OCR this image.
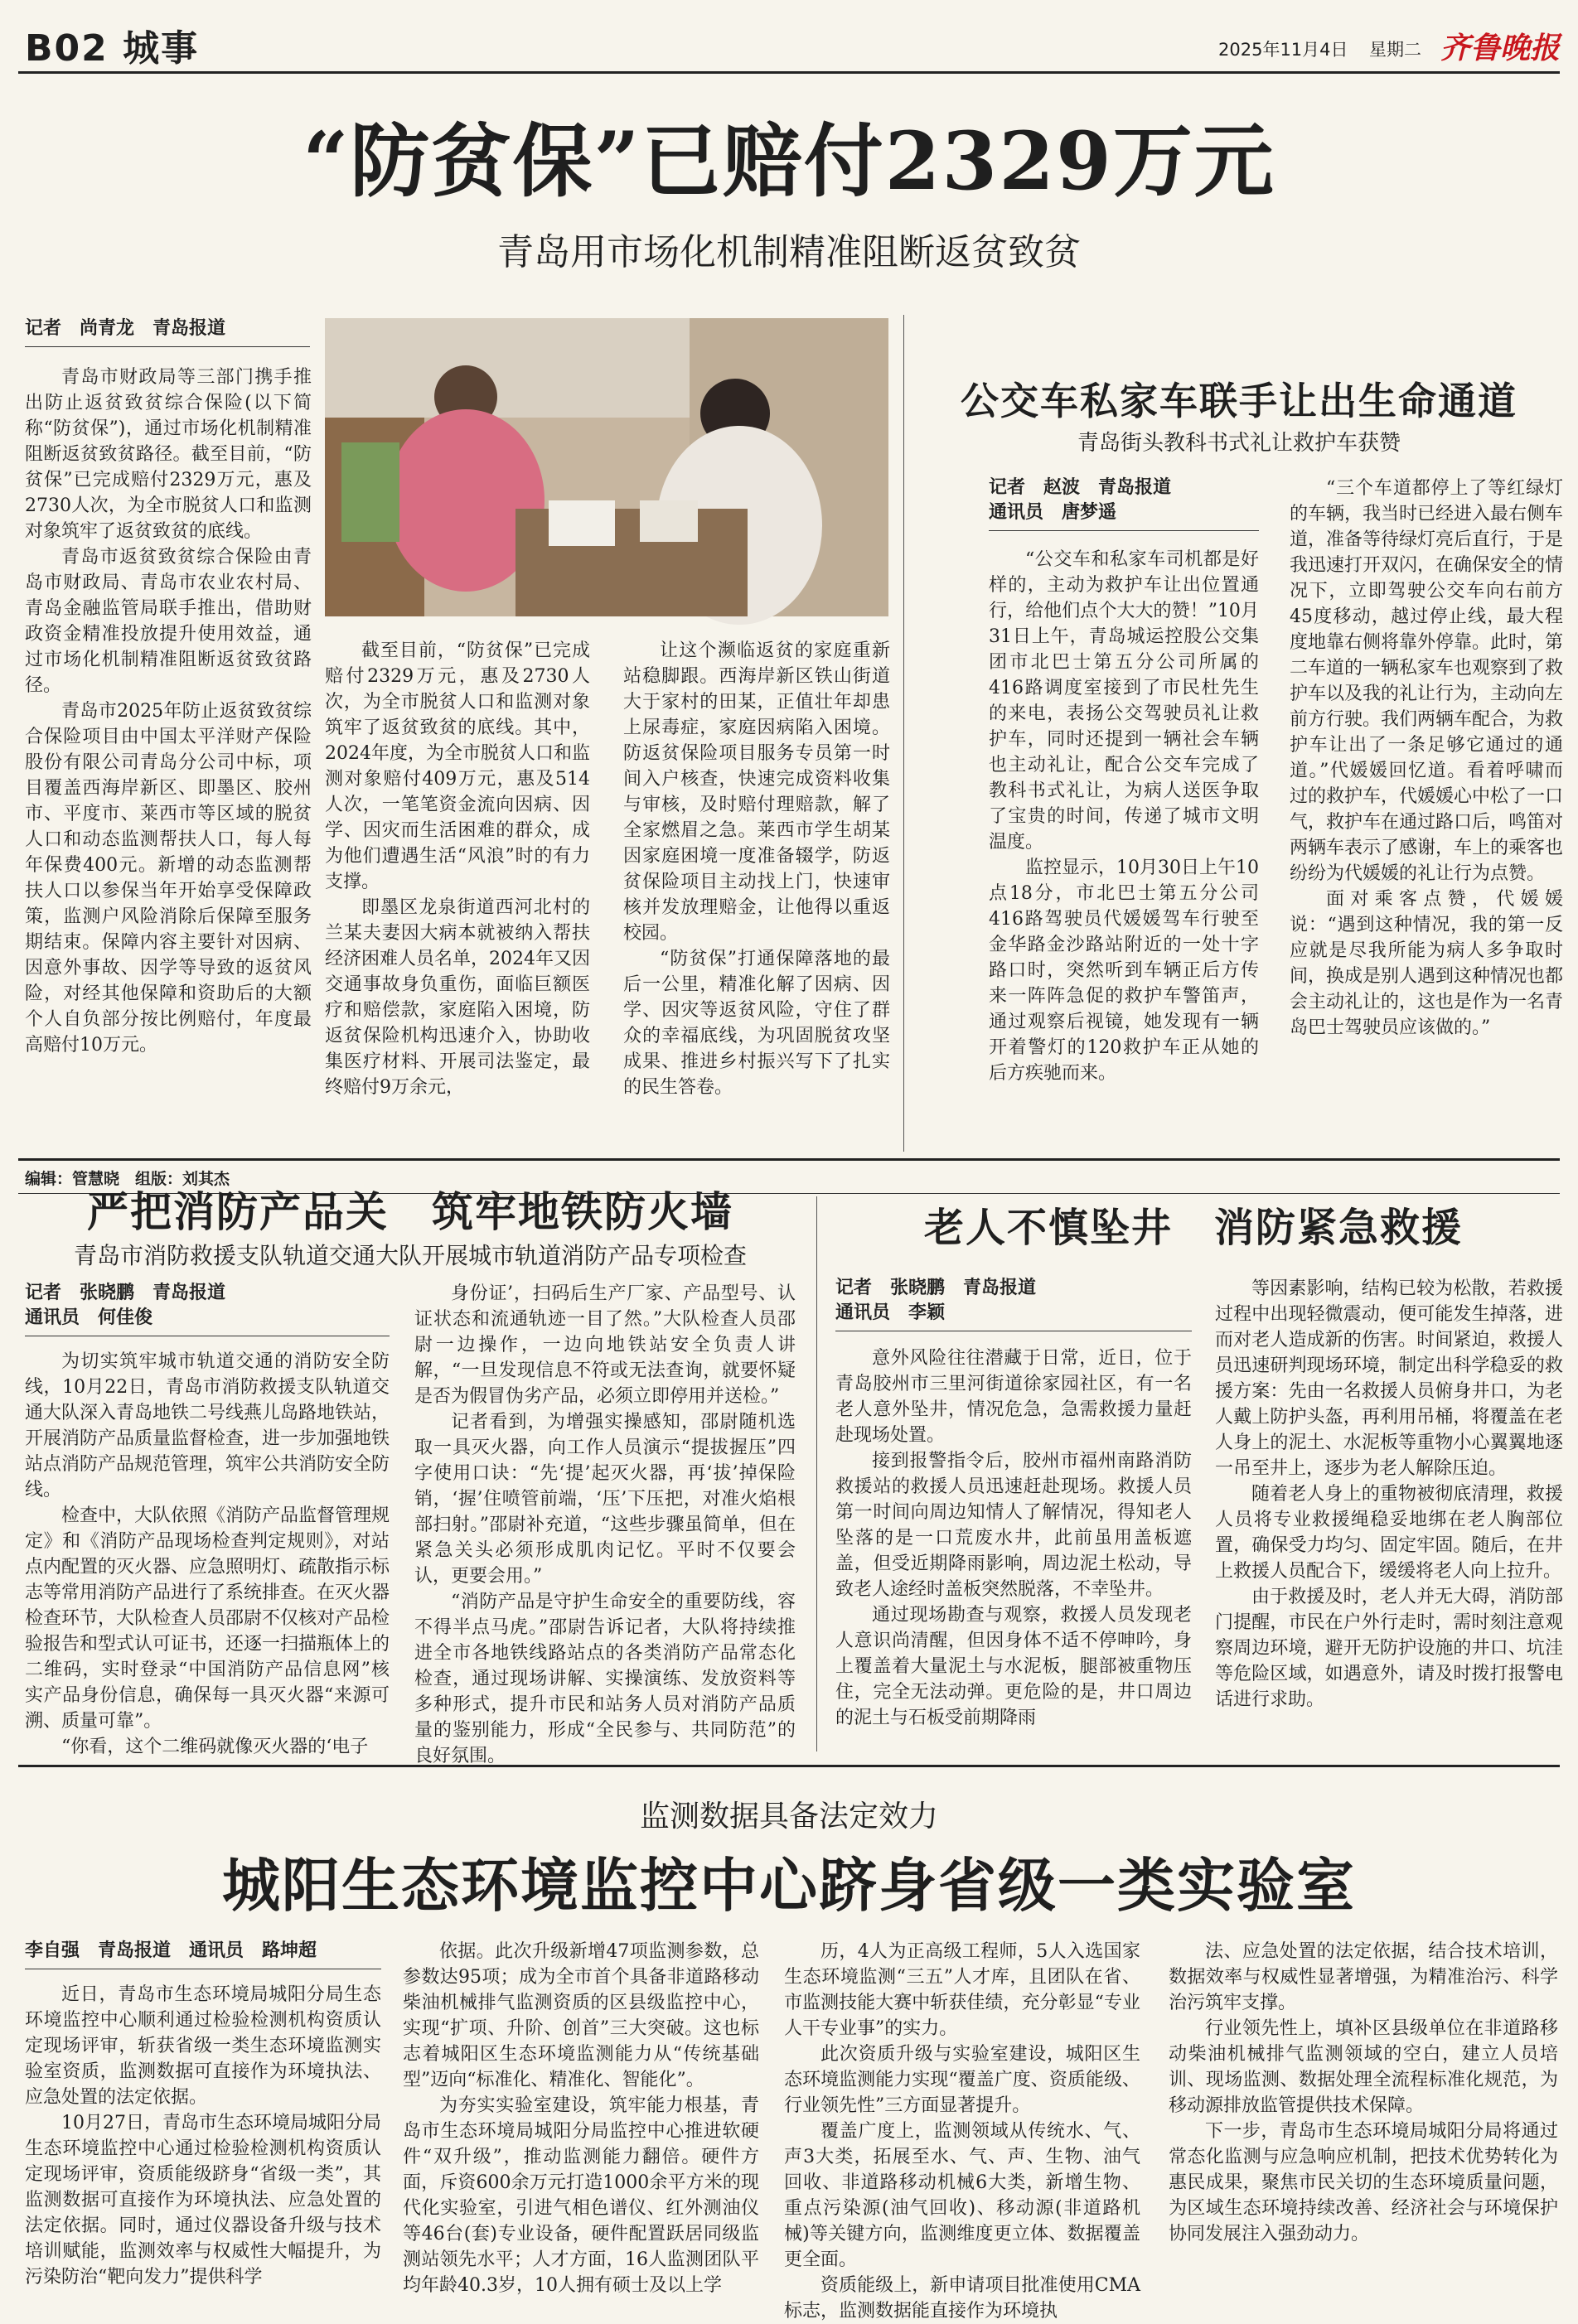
B02 城事	2025年11月4日 星期二 齐鲁晚报
“防贫保”已赔付2329万元
青岛用市场化机制精准阻断返贫致贫
记者　尚青龙　青岛报道

青岛市财政局等三部门携手推出防止返贫致贫综合保险(以下简称“防贫保”)，通过市场化机制精准阻断返贫致贫路径。截至目前，“防贫保”已完成赔付2329万元，惠及2730人次，为全市脱贫人口和监测对象筑牢了返贫致贫的底线。

青岛市返贫致贫综合保险由青岛市财政局、青岛市农业农村局、青岛金融监管局联手推出，借助财政资金精准投放提升使用效益，通过市场化机制精准阻断返贫致贫路径。

青岛市2025年防止返贫致贫综合保险项目由中国太平洋财产保险股份有限公司青岛分公司中标，项目覆盖西海岸新区、即墨区、胶州市、平度市、莱西市等区域的脱贫人口和动态监测帮扶人口，每人每年保费400元。新增的动态监测帮扶人口以参保当年开始享受保障政策，监测户风险消除后保障至服务期结束。保障内容主要针对因病、因意外事故、因学等导致的返贫风险，对经其他保障和资助后的大额个人自负部分按比例赔付，年度最高赔付10万元。

截至目前，“防贫保”已完成赔付2329万元，惠及2730人次，为全市脱贫人口和监测对象筑牢了返贫致贫的底线。其中，2024年度，为全市脱贫人口和监测对象赔付409万元，惠及514人次，一笔笔资金流向因病、因学、因灾而生活困难的群众，成为他们遭遇生活“风浪”时的有力支撑。

即墨区龙泉街道西河北村的兰某夫妻因大病本就被纳入帮扶经济困难人员名单，2024年又因交通事故身负重伤，面临巨额医疗和赔偿款，家庭陷入困境，防返贫保险机构迅速介入，协助收集医疗材料、开展司法鉴定，最终赔付9万余元，

让这个濒临返贫的家庭重新站稳脚跟。西海岸新区铁山街道大于家村的田某，正值壮年却患上尿毒症，家庭因病陷入困境。防返贫保险项目服务专员第一时间入户核查，快速完成资料收集与审核，及时赔付理赔款，解了全家燃眉之急。莱西市学生胡某因家庭困境一度准备辍学，防返贫保险项目主动找上门，快速审核并发放理赔金，让他得以重返校园。

“防贫保”打通保障落地的最后一公里，精准化解了因病、因学、因灾等返贫风险，守住了群众的幸福底线，为巩固脱贫攻坚成果、推进乡村振兴写下了扎实的民生答卷。

公交车私家车联手让出生命通道
青岛街头教科书式礼让救护车获赞
记者　赵波　青岛报道
通讯员　唐梦遥

“公交车和私家车司机都是好样的，主动为救护车让出位置通行，给他们点个大大的赞！”10月31日上午，青岛城运控股公交集团市北巴士第五分公司所属的416路调度室接到了市民杜先生的来电，表扬公交驾驶员礼让救护车，同时还提到一辆社会车辆也主动礼让，配合公交车完成了教科书式礼让，为病人送医争取了宝贵的时间，传递了城市文明温度。

监控显示，10月30日上午10点18分，市北巴士第五分公司416路驾驶员代媛媛驾车行驶至金华路金沙路站附近的一处十字路口时，突然听到车辆正后方传来一阵阵急促的救护车警笛声，通过观察后视镜，她发现有一辆开着警灯的120救护车正从她的后方疾驰而来。

“三个车道都停上了等红绿灯的车辆，我当时已经进入最右侧车道，准备等待绿灯亮后直行，于是我迅速打开双闪，在确保安全的情况下，立即驾驶公交车向右前方45度移动，越过停止线，最大程度地靠右侧将靠外停靠。此时，第二车道的一辆私家车也观察到了救护车以及我的礼让行为，主动向左前方行驶。我们两辆车配合，为救护车让出了一条足够它通过的通道。”代媛媛回忆道。看着呼啸而过的救护车，代媛媛心中松了一口气，救护车在通过路口后，鸣笛对两辆车表示了感谢，车上的乘客也纷纷为代媛媛的礼让行为点赞。

面对乘客点赞，代媛媛说：“遇到这种情况，我的第一反应就是尽我所能为病人多争取时间，换成是别人遇到这种情况也都会主动礼让的，这也是作为一名青岛巴士驾驶员应该做的。”

编辑：管慧晓　组版：刘其杰
严把消防产品关　筑牢地铁防火墙
青岛市消防救援支队轨道交通大队开展城市轨道消防产品专项检查
记者　张晓鹏　青岛报道
通讯员　何佳俊

为切实筑牢城市轨道交通的消防安全防线，10月22日，青岛市消防救援支队轨道交通大队深入青岛地铁二号线燕儿岛路地铁站，开展消防产品质量监督检查，进一步加强地铁站点消防产品规范管理，筑牢公共消防安全防线。

检查中，大队依照《消防产品监督管理规定》和《消防产品现场检查判定规则》，对站点内配置的灭火器、应急照明灯、疏散指示标志等常用消防产品进行了系统排查。在灭火器检查环节，大队检查人员邵尉不仅核对产品检验报告和型式认可证书，还逐一扫描瓶体上的二维码，实时登录“中国消防产品信息网”核实产品身份信息，确保每一具灭火器“来源可溯、质量可靠”。

“你看，这个二维码就像灭火器的‘电子

身份证’，扫码后生产厂家、产品型号、认证状态和流通轨迹一目了然。”大队检查人员邵尉一边操作，一边向地铁站安全负责人讲解，“一旦发现信息不符或无法查询，就要怀疑是否为假冒伪劣产品，必须立即停用并送检。”

记者看到，为增强实操感知，邵尉随机选取一具灭火器，向工作人员演示“提拔握压”四字使用口诀：“先‘提’起灭火器，再‘拔’掉保险销，‘握’住喷管前端，‘压’下压把，对准火焰根部扫射。”邵尉补充道，“这些步骤虽简单，但在紧急关头必须形成肌肉记忆。平时不仅要会认，更要会用。”

“消防产品是守护生命安全的重要防线，容不得半点马虎。”邵尉告诉记者，大队将持续推进全市各地铁线路站点的各类消防产品常态化检查，通过现场讲解、实操演练、发放资料等多种形式，提升市民和站务人员对消防产品质量的鉴别能力，形成“全民参与、共同防范”的良好氛围。

老人不慎坠井　消防紧急救援
记者　张晓鹏　青岛报道
通讯员　李颖

意外风险往往潜藏于日常，近日，位于青岛胶州市三里河街道徐家园社区，有一名老人意外坠井，情况危急，急需救援力量赶赴现场处置。

接到报警指令后，胶州市福州南路消防救援站的救援人员迅速赶赴现场。救援人员第一时间向周边知情人了解情况，得知老人坠落的是一口荒废水井，此前虽用盖板遮盖，但受近期降雨影响，周边泥土松动，导致老人途经时盖板突然脱落，不幸坠井。

通过现场勘查与观察，救援人员发现老人意识尚清醒，但因身体不适不停呻吟，身上覆盖着大量泥土与水泥板，腿部被重物压住，完全无法动弹。更危险的是，井口周边的泥土与石板受前期降雨

等因素影响，结构已较为松散，若救援过程中出现轻微震动，便可能发生掉落，进而对老人造成新的伤害。时间紧迫，救援人员迅速研判现场环境，制定出科学稳妥的救援方案：先由一名救援人员俯身井口，为老人戴上防护头盔，再利用吊桶，将覆盖在老人身上的泥土、水泥板等重物小心翼翼地逐一吊至井上，逐步为老人解除压迫。

随着老人身上的重物被彻底清理，救援人员将专业救援绳稳妥地绑在老人胸部位置，确保受力均匀、固定牢固。随后，在井上救援人员配合下，缓缓将老人向上拉升。

由于救援及时，老人并无大碍，消防部门提醒，市民在户外行走时，需时刻注意观察周边环境，避开无防护设施的井口、坑洼等危险区域，如遇意外，请及时拨打报警电话进行求助。

监测数据具备法定效力
城阳生态环境监控中心跻身省级一类实验室
李自强　青岛报道　通讯员　路坤超

近日，青岛市生态环境局城阳分局生态环境监控中心顺利通过检验检测机构资质认定现场评审，斩获省级一类生态环境监测实验室资质，监测数据可直接作为环境执法、应急处置的法定依据。

10月27日，青岛市生态环境局城阳分局生态环境监控中心通过检验检测机构资质认定现场评审，资质能级跻身“省级一类”，其监测数据可直接作为环境执法、应急处置的法定依据。同时，通过仪器设备升级与技术培训赋能，监测效率与权威性大幅提升，为污染防治“靶向发力”提供科学

依据。此次升级新增47项监测参数，总参数达95项；成为全市首个具备非道路移动柴油机械排气监测资质的区县级监控中心，实现“扩项、升阶、创首”三大突破。这也标志着城阳区生态环境监测能力从“传统基础型”迈向“标准化、精准化、智能化”。

为夯实实验室建设，筑牢能力根基，青岛市生态环境局城阳分局监控中心推进软硬件“双升级”，推动监测能力翻倍。硬件方面，斥资600余万元打造1000余平方米的现代化实验室，引进气相色谱仪、红外测油仪等46台(套)专业设备，硬件配置跃居同级监测站领先水平；人才方面，16人监测团队平均年龄40.3岁，10人拥有硕士及以上学

历，4人为正高级工程师，5人入选国家生态环境监测“三五”人才库，且团队在省、市监测技能大赛中斩获佳绩，充分彰显“专业人干专业事”的实力。

此次资质升级与实验室建设，城阳区生态环境监测能力实现“覆盖广度、资质能级、行业领先性”三方面显著提升。

覆盖广度上，监测领域从传统水、气、声3大类，拓展至水、气、声、生物、油气回收、非道路移动机械6大类，新增生物、重点污染源(油气回收)、移动源(非道路机械)等关键方向，监测维度更立体、数据覆盖更全面。

资质能级上，新申请项目批准使用CMA标志，监测数据能直接作为环境执

法、应急处置的法定依据，结合技术培训，数据效率与权威性显著增强，为精准治污、科学治污筑牢支撑。

行业领先性上，填补区县级单位在非道路移动柴油机械排气监测领域的空白，建立人员培训、现场监测、数据处理全流程标准化规范，为移动源排放监管提供技术保障。

下一步，青岛市生态环境局城阳分局将通过常态化监测与应急响应机制，把技术优势转化为惠民成果，聚焦市民关切的生态环境质量问题，为区域生态环境持续改善、经济社会与环境保护协同发展注入强劲动力。
